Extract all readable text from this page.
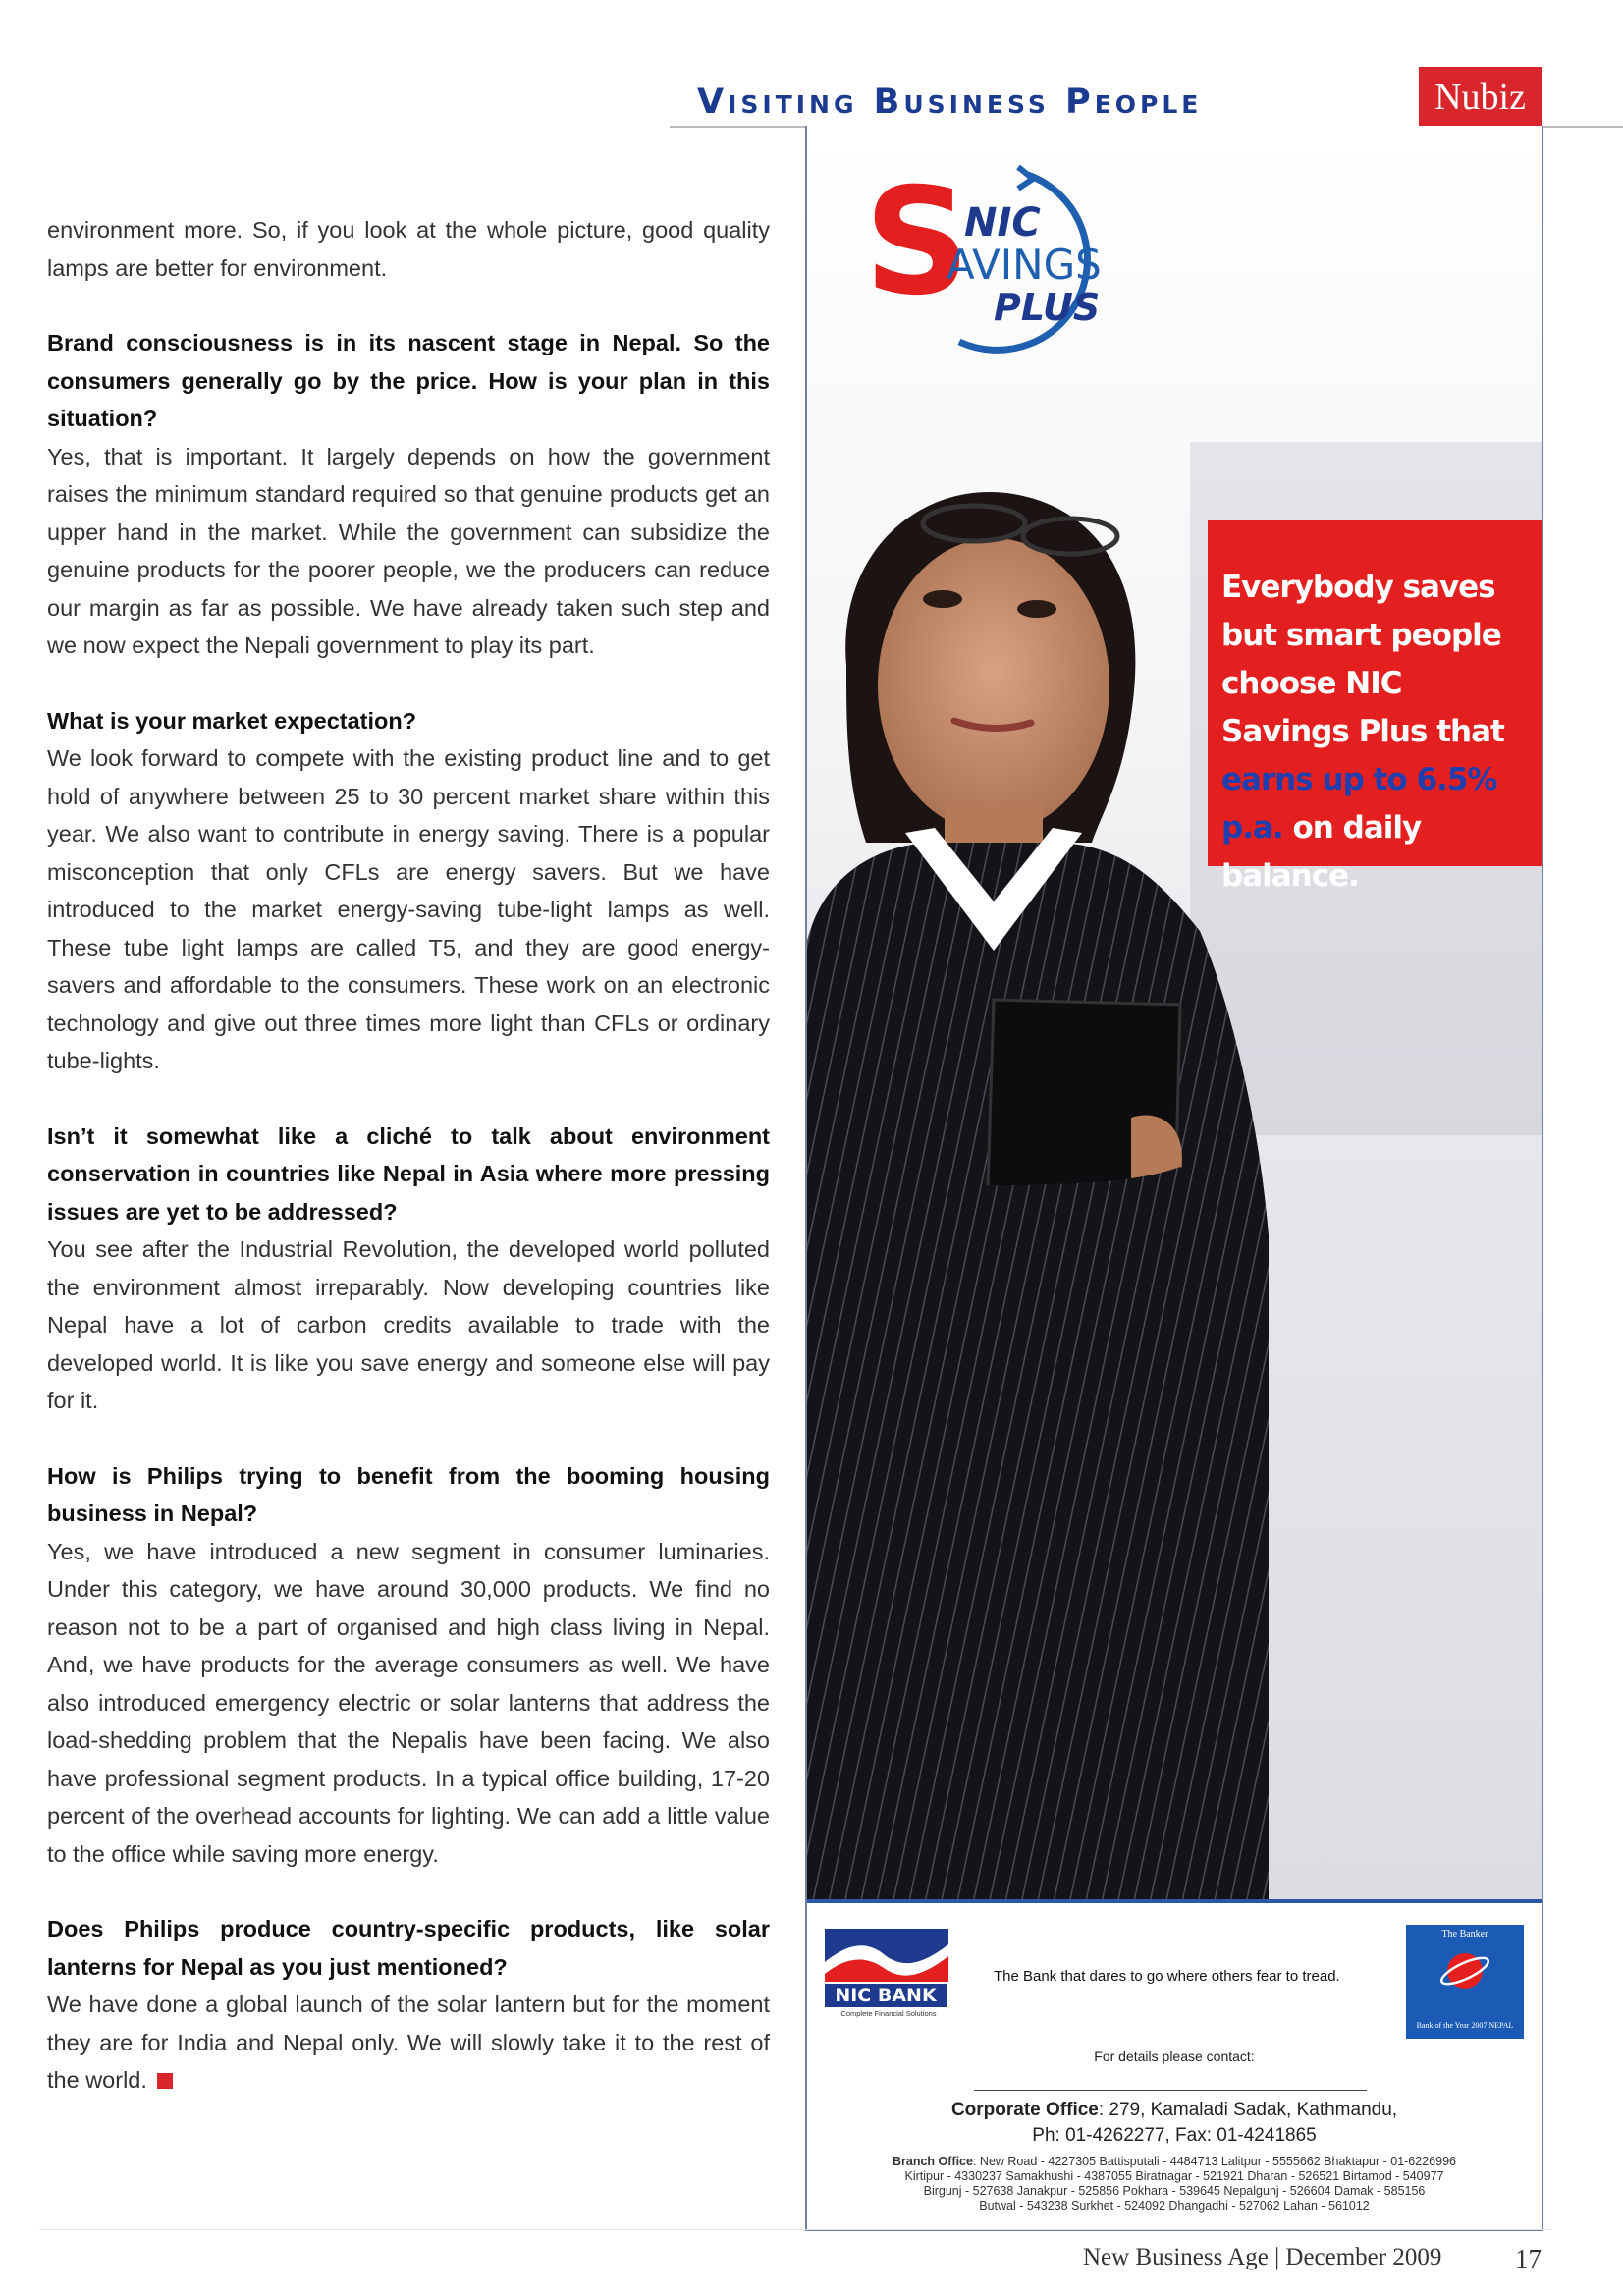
Visiting Business People	Nubiz

environment more. So, if you look at the whole picture, good quality lamps are better for environment.

Brand consciousness is in its nascent stage in Nepal. So the consumers generally go by the price. How is your plan in this situation?

Yes, that is important. It largely depends on how the government raises the minimum standard required so that genuine products get an upper hand in the market. While the government can subsidize the genuine products for the poorer people, we the producers can reduce our margin as far as possible. We have already taken such step and we now expect the Nepali government to play its part.

What is your market expectation?

We look forward to compete with the existing product line and to get hold of anywhere between 25 to 30 percent market share within this year. We also want to contribute in energy saving. There is a popular misconception that only CFLs are energy savers. But we have introduced to the market energy-saving tube-light lamps as well. These tube light lamps are called T5, and they are good energy-savers and affordable to the consumers. These work on an electronic technology and give out three times more light than CFLs or ordinary tube-lights.

Isn’t it somewhat like a cliché to talk about environment conservation in countries like Nepal in Asia where more pressing issues are yet to be addressed?

You see after the Industrial Revolution, the developed world polluted the environment almost irreparably. Now developing countries like Nepal have a lot of carbon credits available to trade with the developed world. It is like you save energy and someone else will pay for it.

How is Philips trying to benefit from the booming housing business in Nepal?

Yes, we have introduced a new segment in consumer luminaries. Under this category, we have around 30,000 products. We find no reason not to be a part of organised and high class living in Nepal. And, we have products for the average consumers as well. We have also introduced emergency electric or solar lanterns that address the load-shedding problem that the Nepalis have been facing. We also have professional segment products. In a typical office building, 17-20 percent of the overhead accounts for lighting. We can add a little value to the office while saving more energy.

Does Philips produce country-specific products, like solar lanterns for Nepal as you just mentioned?

We have done a global launch of the solar lantern but for the moment they are for India and Nepal only. We will slowly take it to the rest of the world.

S
NIC
AVINGS
PLUS
Everybody saves but smart people choose NIC Savings Plus that earns up to 6.5% p.a. on daily balance.
NIC BANK
Complete Financial Solutions
The Bank that dares to go where others fear to tread.
The Banker
Bank of the Year 2007 NEPAL
For details please contact:
Corporate Office: 279, Kamaladi Sadak, Kathmandu,
Ph: 01-4262277, Fax: 01-4241865
Branch Office: New Road - 4227305 Battisputali - 4484713 Lalitpur - 5555662 Bhaktapur - 01-6226996
Kirtipur - 4330237 Samakhushi - 4387055 Biratnagar - 521921 Dharan - 526521 Birtamod - 540977
Birgunj - 527638 Janakpur - 525856 Pokhara - 539645 Nepalgunj - 526604 Damak - 585156
Butwal - 543238 Surkhet - 524092 Dhangadhi - 527062 Lahan - 561012
New Business Age | December 2009	17
